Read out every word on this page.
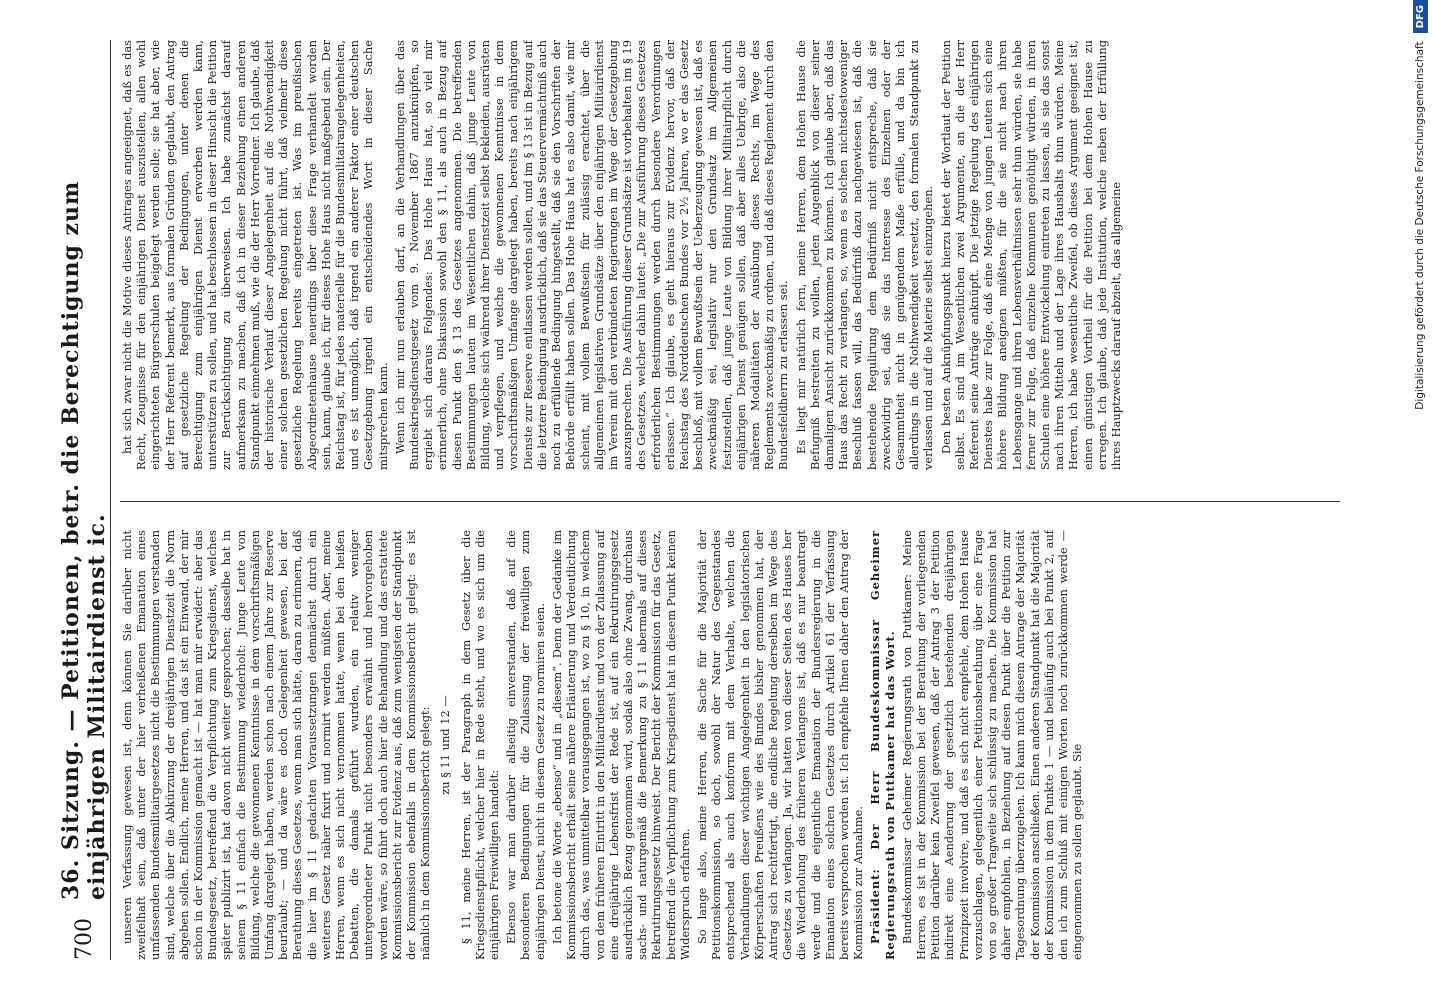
700
36. Sitzung. — Petitionen, betr. die Berechtigung zum einjährigen Militairdienst ic. unseren Verfassung gewesen ist, denn können Sie darüber nicht zweifelhaft sein, daß unter der hier verheißenen Emanation eines umfassenden Bundesmilitairgesetzes nicht die Bestimmungen verstanden sind, welche über die Abkürzung der dreijährigen Dienstzeit die Norm abgeben sollen. Endlich, meine Herren, und das ist ein Einwand, der mir schon in der Kommission gemacht ist — hat man mir erwidert: aber das Bundesgesetz, betreffend die Verpflichtung zum Kriegsdienst, welches später publizirt ist, hat davon nicht weiter gesprochen; dasselbe hat in seinem § 11 einfach die Bestimmung wiederholt: Junge Leute von Bildung, welche die gewonnenen Kenntnisse in dem vorschriftsmäßigen Umfang dargelegt haben, werden schon nach einem Jahre zur Reserve beurlaubt; — und da wäre es doch Gelegenheit gewesen, bei der Berathung dieses Gesetzes, wenn man sich hätte, daran zu erinnern, daß die hier im § 11 gedachten Voraussetzungen demnächst durch ein weiteres Gesetz näher fixirt und normirt werden müßten. Aber, meine Herren, wenn es sich nicht vernommen hatte, wenn bei den heißen Debatten, die damals geführt wurden, ein relativ weniger untergeordneter Punkt nicht besonders erwähnt und hervorgehoben worden wäre, so führt doch auch hier die Behandlung und das erstattete Kommissionsbericht zur Evidenz aus, daß zum wenigsten der Standpunkt der Kommission ebenfalls in dem Kommissionsbericht gelegt: es ist nämlich in dem Kommissionsbericht gelegt: zu § 11 und 12 — § 11, meine Herren, ist der Paragraph in dem Gesetz über die Kriegsdienstpflicht, welcher hier in Rede steht, und wo es sich um die einjährigen Freiwilligen handelt: Ebenso war man darüber allseitig einverstanden, daß auf die besonderen Bedingungen für die Zulassung der freiwilligen zum einjährigen Dienst, nicht in diesem Gesetz zu normiren seien. Ich betone die Worte „ebenso“ und in „diesem“. Denn der Gedanke im Kommissionsbericht erhält seine nähere Erläuterung und Verdeutlichung durch das, was unmittelbar vorausgegangen ist, wo zu § 10, in welchem von dem früheren Eintritt in den Militairdienst und von der Zulassung auf eine dreijährige Lebensfrist der Rede ist, auf ein Rekrutirungsgesetz ausdrücklich Bezug genommen wird, sodaß also ohne Zwang, durchaus sachs- und naturgemäß die Bemerkung zu § 11 abermals auf dieses Rekrutirungsgesetz hinweist. Der Bericht der Kommission für das Gesetz, betreffend die Verpflichtung zum Kriegsdienst hat in diesem Punkt keinen Widerspruch erfahren. So lange also, meine Herren, die Sache für die Majorität der Petitionskommission, so doch, sowohl der Natur des Gegenstandes entsprechend als auch konform mit dem Verhalte, welchen die Verhandlungen dieser wichtigen Angelegenheit in den legislatorischen Körperschaften Preußens wie des Bundes bisher genommen hat, der Antrag sich rechtfertigt, die endliche Regelung derselben im Wege des Gesetzes zu verlangen. Ja, wir hatten von dieser Seiten des Hauses her die Wiederholung des früheren Verlangens ist, daß es nur beantragt werde und die eigentliche Emanation der Bundesregierung in die Emanation eines solchen Gesetzes durch Artikel 61 der Verfassung bereits versprochen worden ist. Ich empfehle Ihnen daher den Antrag der Kommission zur Annahme. Präsident: Der Herr Bundeskommissar Geheimer Regierungsrath von Puttkamer hat das Wort. Bundeskommissar Geheimer Regierungsrath von Puttkamer: Meine Herren, es ist in der Kommission bei der Berathung der vorliegenden Petition darüber kein Zweifel gewesen, daß der Antrag 3 der Petition indirekt eine Aenderung der gesetzlich bestehenden dreijährigen Prinzipzeit involvire, und daß es sich nicht empfehle, dem Hohen Hause vorzuschlagen, gelegentlich einer Petitionsberathung über eine Frage von so großer Tragweite sich schlüssig zu machen. Die Kommission hat daher empfohlen, in Beziehung auf diesen Punkt über die Petition zur Tagesordnung überzugehen. Ich kann mich diesem Antrage der Majorität der Kommission anschließen. Einen anderen Standpunkt hat die Majorität der Kommission in dem Punkte 1 — und beiläufig auch bei Punkt 2, auf den ich zum Schluß mit einigen Worten noch zurückkommen werde — eingenommen zu sollen geglaubt. Sie

hat sich zwar nicht die Motive dieses Antrages angeeignet, daß es das Recht, Zeugnisse für den einjährigen Dienst auszustellen, allen wohl eingerichteten Bürgerschulen beigelegt werden solle; sie hat aber, wie der Herr Referent bemerkt, aus formalen Gründen geglaubt, den Antrag auf gesetzliche Regelung der Bedingungen, unter denen die Berechtigung zum einjährigen Dienst erworben werden kann, unterstützen zu sollen, und hat beschlossen in dieser Hinsicht die Petition zur Berücksichtigung zu überweisen. Ich habe zunächst darauf aufmerksam zu machen, daß ich in dieser Beziehung einen anderen Standpunkt einnehmen muß, wie die der Herr Vorredner. Ich glaube, daß der historische Verlauf dieser Angelegenheit auf die Nothwendigkeit einer solchen gesetzlichen Regelung nicht führt, daß vielmehr diese gesetzliche Regelung bereits eingetreten ist. Was im preußischen Abgeordnetenhause neuerdings über diese Frage verhandelt worden sein, kann, glaube ich, für dieses Hohe Haus nicht maßgebend sein. Der Reichstag ist, für jedes materielle für die Bundesmilitairangelegenheiten, und es ist unmöglich, daß irgend ein anderer Faktor einer deutschen Gesetzgebung irgend ein entscheidendes Wort in dieser Sache mitsprechen kann. Wenn ich mir nun erlauben darf, an die Verhandlungen über das Bundeskriegsdienstgesetz vom 9. November 1867 anzuknüpfen, so ergiebt sich daraus Folgendes: Das Hohe Haus hat, so viel mir erinnerlich, ohne Diskussion sowohl den § 11, als auch in Bezug auf diesen Punkt den § 13 des Gesetzes angenommen. Die betreffenden Bestimmungen lauten im Wesentlichen dahin, daß junge Leute von Bildung, welche sich während ihrer Dienstzeit selbst bekleiden, ausrüsten und verpflegen, und welche die gewonnenen Kenntnisse in dem vorschriftsmäßigen Umfange dargelegt haben, bereits nach einjährigem Dienste zur Reserve entlassen werden sollen, und im § 13 ist in Bezug auf die letztere Bedingung ausdrücklich, daß sie das Steuervermächtniß auch noch zu erfüllende Bedingung hingestellt, daß sie den Vorschriften der Behörde erfüllt haben sollen. Das Hohe Haus hat es also damit, wie mir scheint, mit vollem Bewußtsein für zulässig erachtet, über die allgemeinen legislativen Grundsätze über den einjährigen Militairdienst im Verein mit den verbündeten Regierungen im Wege der Gesetzgebung auszusprechen. Die Ausführung dieser Grundsätze ist vorbehalten im § 19 des Gesetzes, welcher dahin lautet: „Die zur Ausführung dieses Gesetzes erforderlichen Bestimmungen werden durch besondere Verordnungen erlassen.“ Ich glaube, es geht hieraus zur Evidenz hervor, daß der Reichstag des Norddeutschen Bundes vor 2½ Jahren, wo er das Gesetz beschloß, mit vollem Bewußtsein der Ueberzeugung gewesen ist, daß es zweckmäßig sei, legislativ nur den Grundsatz im Allgemeinen festzustellen, daß junge Leute von Bildung ihrer Militairpflicht durch einjährigen Dienst genügen sollen, daß aber alles Uebrige, also die näheren Modalitäten der Ausübung dieses Rechts, im Wege des Reglements zweckmäßig zu ordnen, und daß dieses Reglement durch den Bundesfeldherrn zu erlassen sei. Es liegt mir natürlich fern, meine Herren, dem Hohen Hause die Befugniß bestreiten zu wollen, jeden Augenblick von dieser seiner damaligen Ansicht zurückkommen zu können. Ich glaube aber, daß das Haus das Recht zu verlangen, so, wenn es solchen nichtsdestoweniger Beschluß fassen will, das Bedürfniß dazu nachgewiesen ist, daß die bestehende Regulirung dem Bedürfniß nicht entspreche, daß sie zweckwidrig sei, daß sie das Interesse des Einzelnen oder der Gesammtheit nicht in genügendem Maße erfülle, und da bin ich allerdings in die Nothwendigkeit versetzt, den formalen Standpunkt zu verlassen und auf die Materie selbst einzugehen. Den besten Anknüpfungspunkt hierzu bietet der Wortlaut der Petition selbst. Es sind im Wesentlichen zwei Argumente, an die der Herr Referent seine Anträge anknüpft. Die jetzige Regelung des einjährigen Dienstes habe zur Folge, daß eine Menge von jungen Leuten sich eine höhere Bildung aneignen müßten, für die sie nicht nach ihren Lebensgange und ihren Lebensverhältnissen sehr thun würden, sie habe ferner zur Folge, daß einzelne Kommunen genöthigt würden, in ihren Schulen eine höhere Entwickelung eintreten zu lassen, als sie das sonst nach ihren Mitteln und der Lage ihres Haushalts thun würden. Meine Herren, ich habe wesentliche Zweifel, ob dieses Argument geeignet ist, einen günstigen Vortheil für die Petition bei dem Hohen Hause zu erregen. Ich glaube, daß jede Institution, welche neben der Erfüllung ihres Hauptzwecks darauf abzielt, das allgemeine	Digitalisierung gefördert durch die Deutsche Forschungsgemeinschaft
DFG
